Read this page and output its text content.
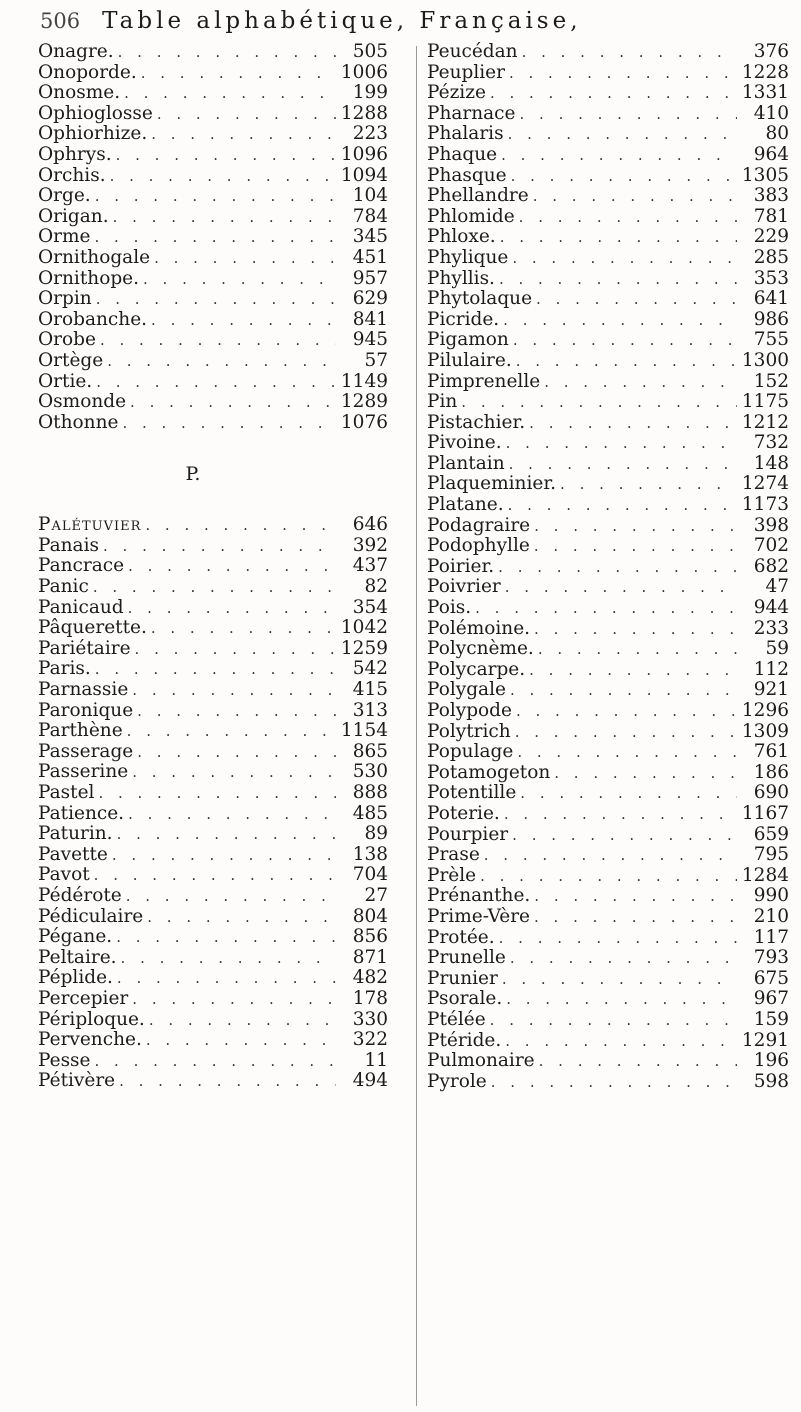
506 Table alphabétique, Française,
Onagre. . . .	505
Onoporde. . . .	1006
Onosme. . . .	199
Ophioglosse . . .	1288
Ophiorhize. . . .	223
Ophrys. . . .	1096
Orchis. . . .	1094
Orge. . . .	104
Origan. . . .	784
Orme . . .	345
Ornithogale . . .	451
Ornithope. . . .	957
Orpin . . .	629
Orobanche. . . .	841
Orobe . . .	945
Ortège . . .	57
Ortie. . . .	1149
Osmonde . . .	1289
Othonne . . .	1076
P.
Palétuvier . . .	646
Panais . . .	392
Pancrace . . .	437
Panic . . .	82
Panicaud . . .	354
Pâquerette. . . .	1042
Pariétaire . . .	1259
Paris. . . .	542
Parnassie . . .	415
Paronique . . .	313
Parthène . . .	1154
Passerage . . .	865
Passerine . . .	530
Pastel . . .	888
Patience. . . .	485
Paturin. . . .	89
Pavette . . .	138
Pavot . . .	704
Pédérote . . .	27
Pédiculaire . . .	804
Pégane. . . .	856
Peltaire. . . .	871
Péplide. . . .	482
Percepier . . .	178
Périploque. . . .	330
Pervenche. . . .	322
Pesse . . .	11
Pétivère . . .	494
Peucédan . . .	376
Peuplier . . .	1228
Pézize . . .	1331
Pharnace . . .	410
Phalaris . . .	80
Phaque . . .	964
Phasque . . .	1305
Phellandre . . .	383
Phlomide . . .	781
Phloxe. . . .	229
Phylique . . .	285
Phyllis. . . .	353
Phytolaque . . .	641
Picride. . . .	986
Pigamon . . .	755
Pilulaire. . . .	1300
Pimprenelle . . .	152
Pin . . .	1175
Pistachier. . . .	1212
Pivoine. . . .	732
Plantain . . .	148
Plaqueminier. . . .	1274
Platane. . . .	1173
Podagraire . . .	398
Podophylle . . .	702
Poirier. . . .	682
Poivrier . . .	47
Pois. . . .	944
Polémoine. . . .	233
Polycnème. . . .	59
Polycarpe. . . .	112
Polygale . . .	921
Polypode . . .	1296
Polytrich . . .	1309
Populage . . .	761
Potamogeton . . .	186
Potentille . . .	690
Poterie. . . .	1167
Pourpier . . .	659
Prase . . .	795
Prèle . . .	1284
Prénanthe. . . .	990
Prime-Vère . . .	210
Protée. . . .	117
Prunelle . . .	793
Prunier . . .	675
Psorale. . . .	967
Ptélée . . .	159
Ptéride. . . .	1291
Pulmonaire . . .	196
Pyrole . . .	598
